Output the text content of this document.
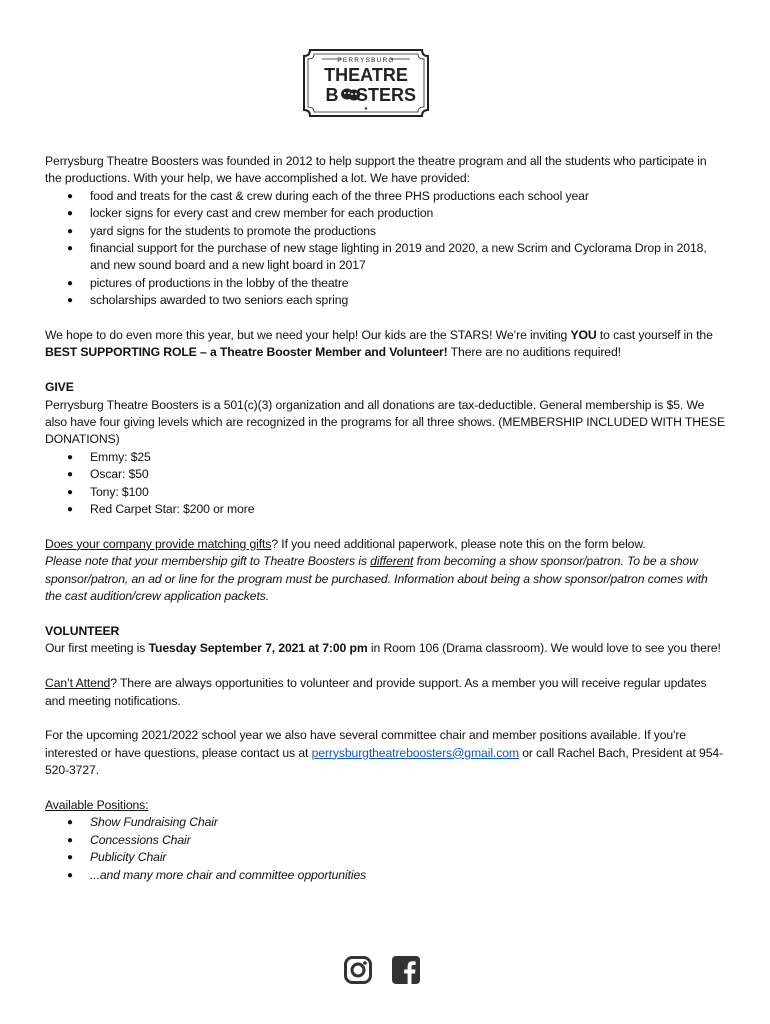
PERRYSBURG
THEATRE
B STERS
★

Perrysburg Theatre Boosters was founded in 2012 to help support the theatre program and all the students who participate in the productions. With your help, we have accomplished a lot. We have provided:

● food and treats for the cast & crew during each of the three PHS productions each school year
● locker signs for every cast and crew member for each production
● yard signs for the students to promote the productions
● financial support for the purchase of new stage lighting in 2019 and 2020, a new Scrim and Cyclorama Drop in 2018, and new sound board and a new light board in 2017
● pictures of productions in the lobby of the theatre
● scholarships awarded to two seniors each spring

We hope to do even more this year, but we need your help! Our kids are the STARS! We’re inviting YOU to cast yourself in the BEST SUPPORTING ROLE – a Theatre Booster Member and Volunteer! There are no auditions required!

GIVE

Perrysburg Theatre Boosters is a 501(c)(3) organization and all donations are tax-deductible. General membership is $5. We also have four giving levels which are recognized in the programs for all three shows. (MEMBERSHIP INCLUDED WITH THESE DONATIONS)

● Emmy: $25
● Oscar: $50
● Tony: $100
● Red Carpet Star: $200 or more

Does your company provide matching gifts? If you need additional paperwork, please note this on the form below.
Please note that your membership gift to Theatre Boosters is different from becoming a show sponsor/patron. To be a show sponsor/patron, an ad or line for the program must be purchased. Information about being a show sponsor/patron comes with the cast audition/crew application packets.

VOLUNTEER

Our first meeting is Tuesday September 7, 2021 at 7:00 pm in Room 106 (Drama classroom). We would love to see you there!

Can’t Attend? There are always opportunities to volunteer and provide support. As a member you will receive regular updates and meeting notifications.

For the upcoming 2021/2022 school year we also have several committee chair and member positions available. If you're interested or have questions, please contact us at perrysburgtheatreboosters@gmail.com or call Rachel Bach, President at 954-520-3727.

Available Positions:

● Show Fundraising Chair
● Concessions Chair
● Publicity Chair
● ...and many more chair and committee opportunities
